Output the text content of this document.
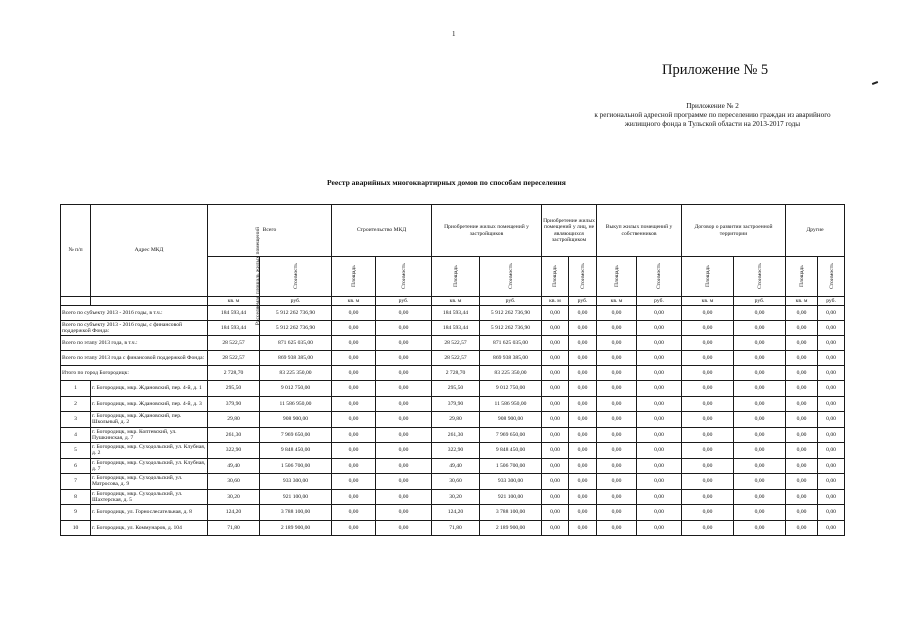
1
Приложение № 5
Приложение № 2
к региональной адресной программе по переселению граждан из аварийного
жилищного фонда в Тульской области на 2013-2017 годы
Реестр аварийных многоквартирных домов по способам переселения
№ п/п	Адрес МКД	Всего		Строительство МКД		Приобретение жилых помещений у застройщиков		Приобретение жилых помещений у лиц, не являющихся застройщиком		Выкуп жилых помещений у собственников		Договор о развитии застроенной территории		Другие	
		Расселяемая площадь жилых помещений	Стоимость	Площадь	Стоимость	Площадь	Стоимость	Площадь	Стоимость	Площадь	Стоимость	Площадь	Стоимость	Площадь	Стоимость
		кв. м	руб.	кв. м	руб.	кв. м	руб.	кв. м	руб.	кв. м	руб.	кв. м	руб.	кв. м	руб.
Всего по субъекту 2013 - 2016 годы, в т.ч.:		184 593,44	5 912 262 736,90	0,00	0,00	184 593,44	5 912 262 736,90	0,00	0,00	0,00	0,00	0,00	0,00	0,00	0,00
Всего по субъекту 2013 - 2016 годы, с финансовой поддержкой Фонда:		184 593,44	5 912 262 736,90	0,00	0,00	184 593,44	5 912 262 736,90	0,00	0,00	0,00	0,00	0,00	0,00	0,00	0,00
Всего по этапу 2013 года, в т.ч.:		28 522,57	871 625 035,00	0,00	0,00	28 522,57	871 625 035,00	0,00	0,00	0,00	0,00	0,00	0,00	0,00	0,00
Всего по этапу 2013 года с финансовой поддержкой Фонда:		28 522,57	869 938 385,00	0,00	0,00	28 522,57	869 938 385,00	0,00	0,00	0,00	0,00	0,00	0,00	0,00	0,00
Итого по город Богородицк:		2 728,70	83 225 350,00	0,00	0,00	2 728,70	83 225 350,00	0,00	0,00	0,00	0,00	0,00	0,00	0,00	0,00
1	г. Богородицк, мкр. Ждановский, пер. 4-й, д. 1	295,50	9 012 750,00	0,00	0,00	295,50	9 012 750,00	0,00	0,00	0,00	0,00	0,00	0,00	0,00	0,00
2	г. Богородицк, мкр. Ждановский, пер. 4-й, д. 3	379,90	11 586 950,00	0,00	0,00	379,90	11 586 950,00	0,00	0,00	0,00	0,00	0,00	0,00	0,00	0,00
3	г. Богородицк, мкр. Ждановский, пер. Школьный, д. 2	29,80	908 900,00	0,00	0,00	29,80	908 900,00	0,00	0,00	0,00	0,00	0,00	0,00	0,00	0,00
4	г. Богородицк, мкр. Коптевский, ул. Пушкинская, д. 7	261,30	7 969 650,00	0,00	0,00	261,30	7 969 650,00	0,00	0,00	0,00	0,00	0,00	0,00	0,00	0,00
5	г. Богородицк, мкр. Суходольский, ул. Клубная, д. 2	322,90	9 848 450,00	0,00	0,00	322,90	9 848 450,00	0,00	0,00	0,00	0,00	0,00	0,00	0,00	0,00
6	г. Богородицк, мкр. Суходольский, ул. Клубная, д. 7	49,40	1 506 700,00	0,00	0,00	49,40	1 506 700,00	0,00	0,00	0,00	0,00	0,00	0,00	0,00	0,00
7	г. Богородицк, мкр. Суходольский, ул. Матросова, д. 9	30,60	933 300,00	0,00	0,00	30,60	933 300,00	0,00	0,00	0,00	0,00	0,00	0,00	0,00	0,00
8	г. Богородицк, мкр. Суходольский, ул. Шахтерская, д. 5	30,20	921 100,00	0,00	0,00	30,20	921 100,00	0,00	0,00	0,00	0,00	0,00	0,00	0,00	0,00
9	г. Богородицк, ул. Горнослесательная, д. 8	124,20	3 788 100,00	0,00	0,00	124,20	3 788 100,00	0,00	0,00	0,00	0,00	0,00	0,00	0,00	0,00
10	г. Богородицк, ул. Коммунаров, д. 104	71,80	2 189 900,00	0,00	0,00	71,80	2 189 900,00	0,00	0,00	0,00	0,00	0,00	0,00	0,00	0,00
